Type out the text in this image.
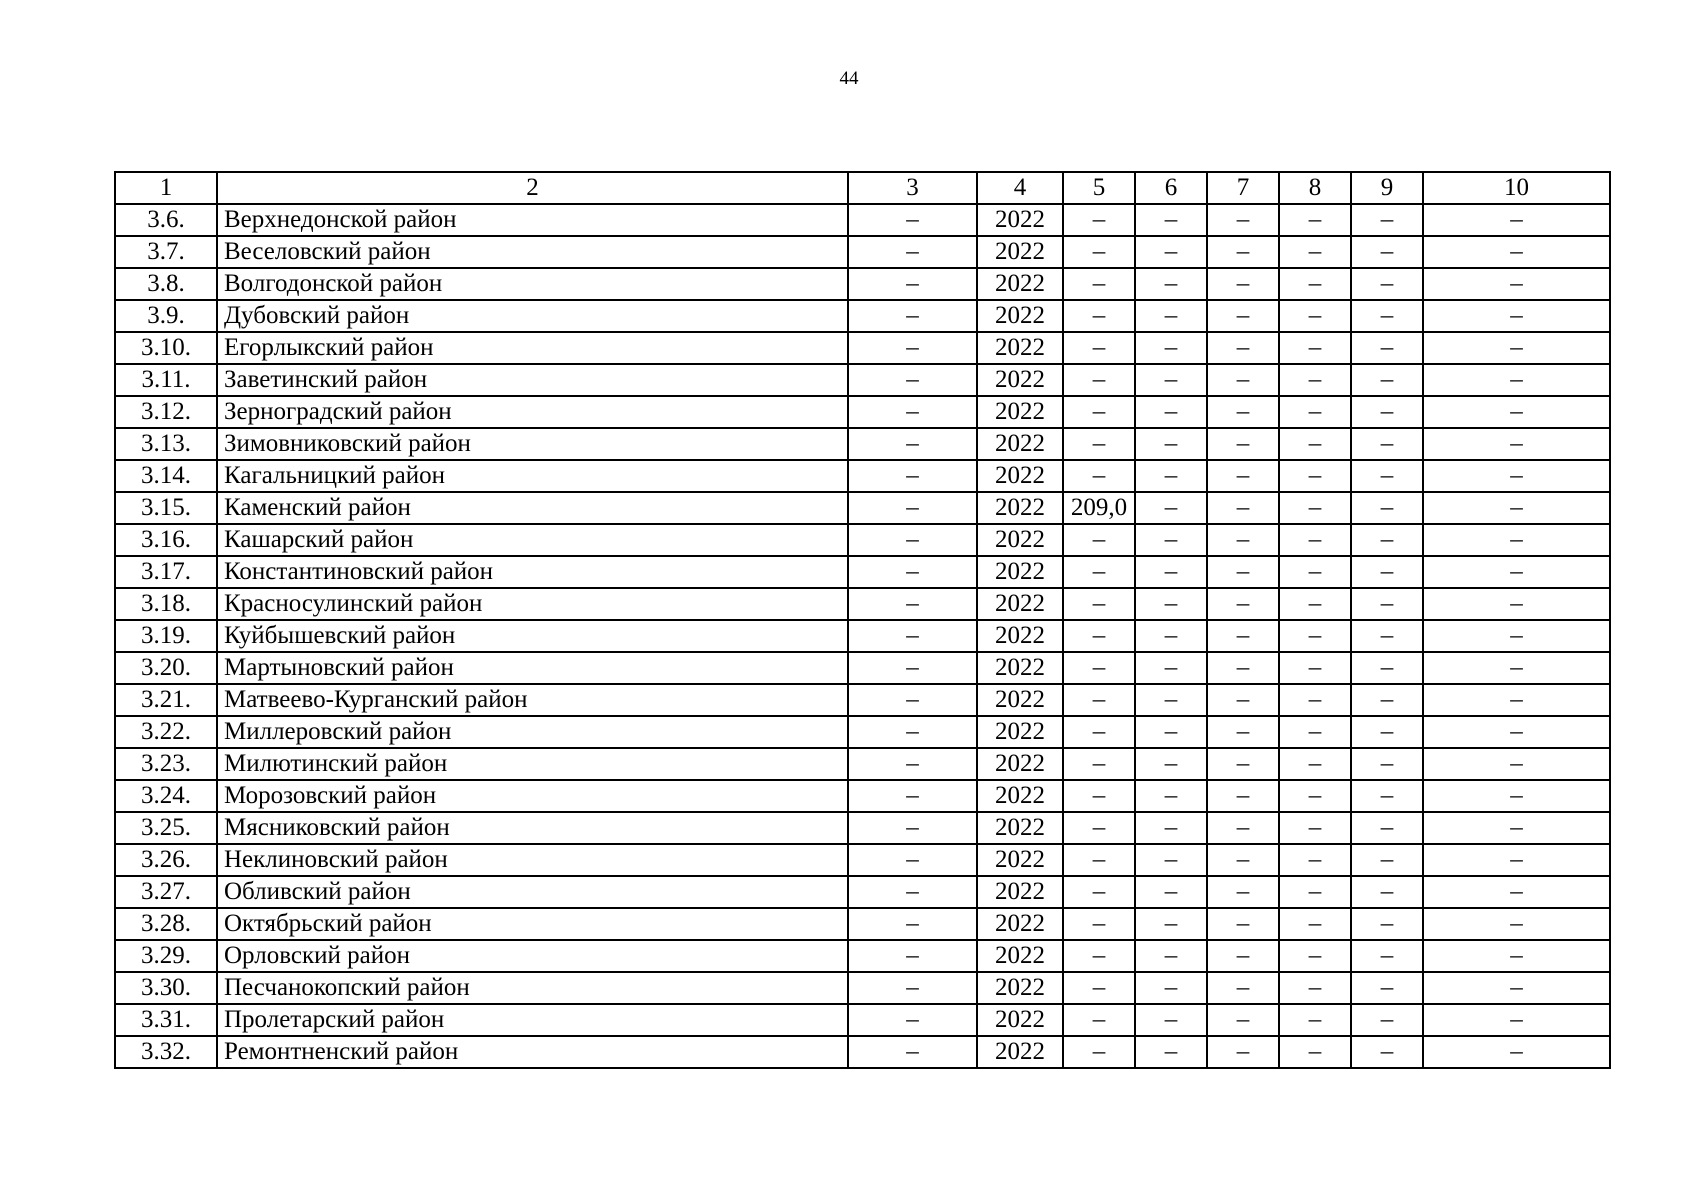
44
1	2	3	4	5	6	7	8	9	10
3.6.	Верхнедонской район	–	2022	–	–	–	–	–	–
3.7.	Веселовский район	–	2022	–	–	–	–	–	–
3.8.	Волгодонской район	–	2022	–	–	–	–	–	–
3.9.	Дубовский район	–	2022	–	–	–	–	–	–
3.10.	Егорлыкский район	–	2022	–	–	–	–	–	–
3.11.	Заветинский район	–	2022	–	–	–	–	–	–
3.12.	Зерноградский район	–	2022	–	–	–	–	–	–
3.13.	Зимовниковский район	–	2022	–	–	–	–	–	–
3.14.	Кагальницкий район	–	2022	–	–	–	–	–	–
3.15.	Каменский район	–	2022	209,0	–	–	–	–	–
3.16.	Кашарский район	–	2022	–	–	–	–	–	–
3.17.	Константиновский район	–	2022	–	–	–	–	–	–
3.18.	Красносулинский район	–	2022	–	–	–	–	–	–
3.19.	Куйбышевский район	–	2022	–	–	–	–	–	–
3.20.	Мартыновский район	–	2022	–	–	–	–	–	–
3.21.	Матвеево-Курганский район	–	2022	–	–	–	–	–	–
3.22.	Миллеровский район	–	2022	–	–	–	–	–	–
3.23.	Милютинский район	–	2022	–	–	–	–	–	–
3.24.	Морозовский район	–	2022	–	–	–	–	–	–
3.25.	Мясниковский район	–	2022	–	–	–	–	–	–
3.26.	Неклиновский район	–	2022	–	–	–	–	–	–
3.27.	Обливский район	–	2022	–	–	–	–	–	–
3.28.	Октябрьский район	–	2022	–	–	–	–	–	–
3.29.	Орловский район	–	2022	–	–	–	–	–	–
3.30.	Песчанокопский район	–	2022	–	–	–	–	–	–
3.31.	Пролетарский район	–	2022	–	–	–	–	–	–
3.32.	Ремонтненский район	–	2022	–	–	–	–	–	–
